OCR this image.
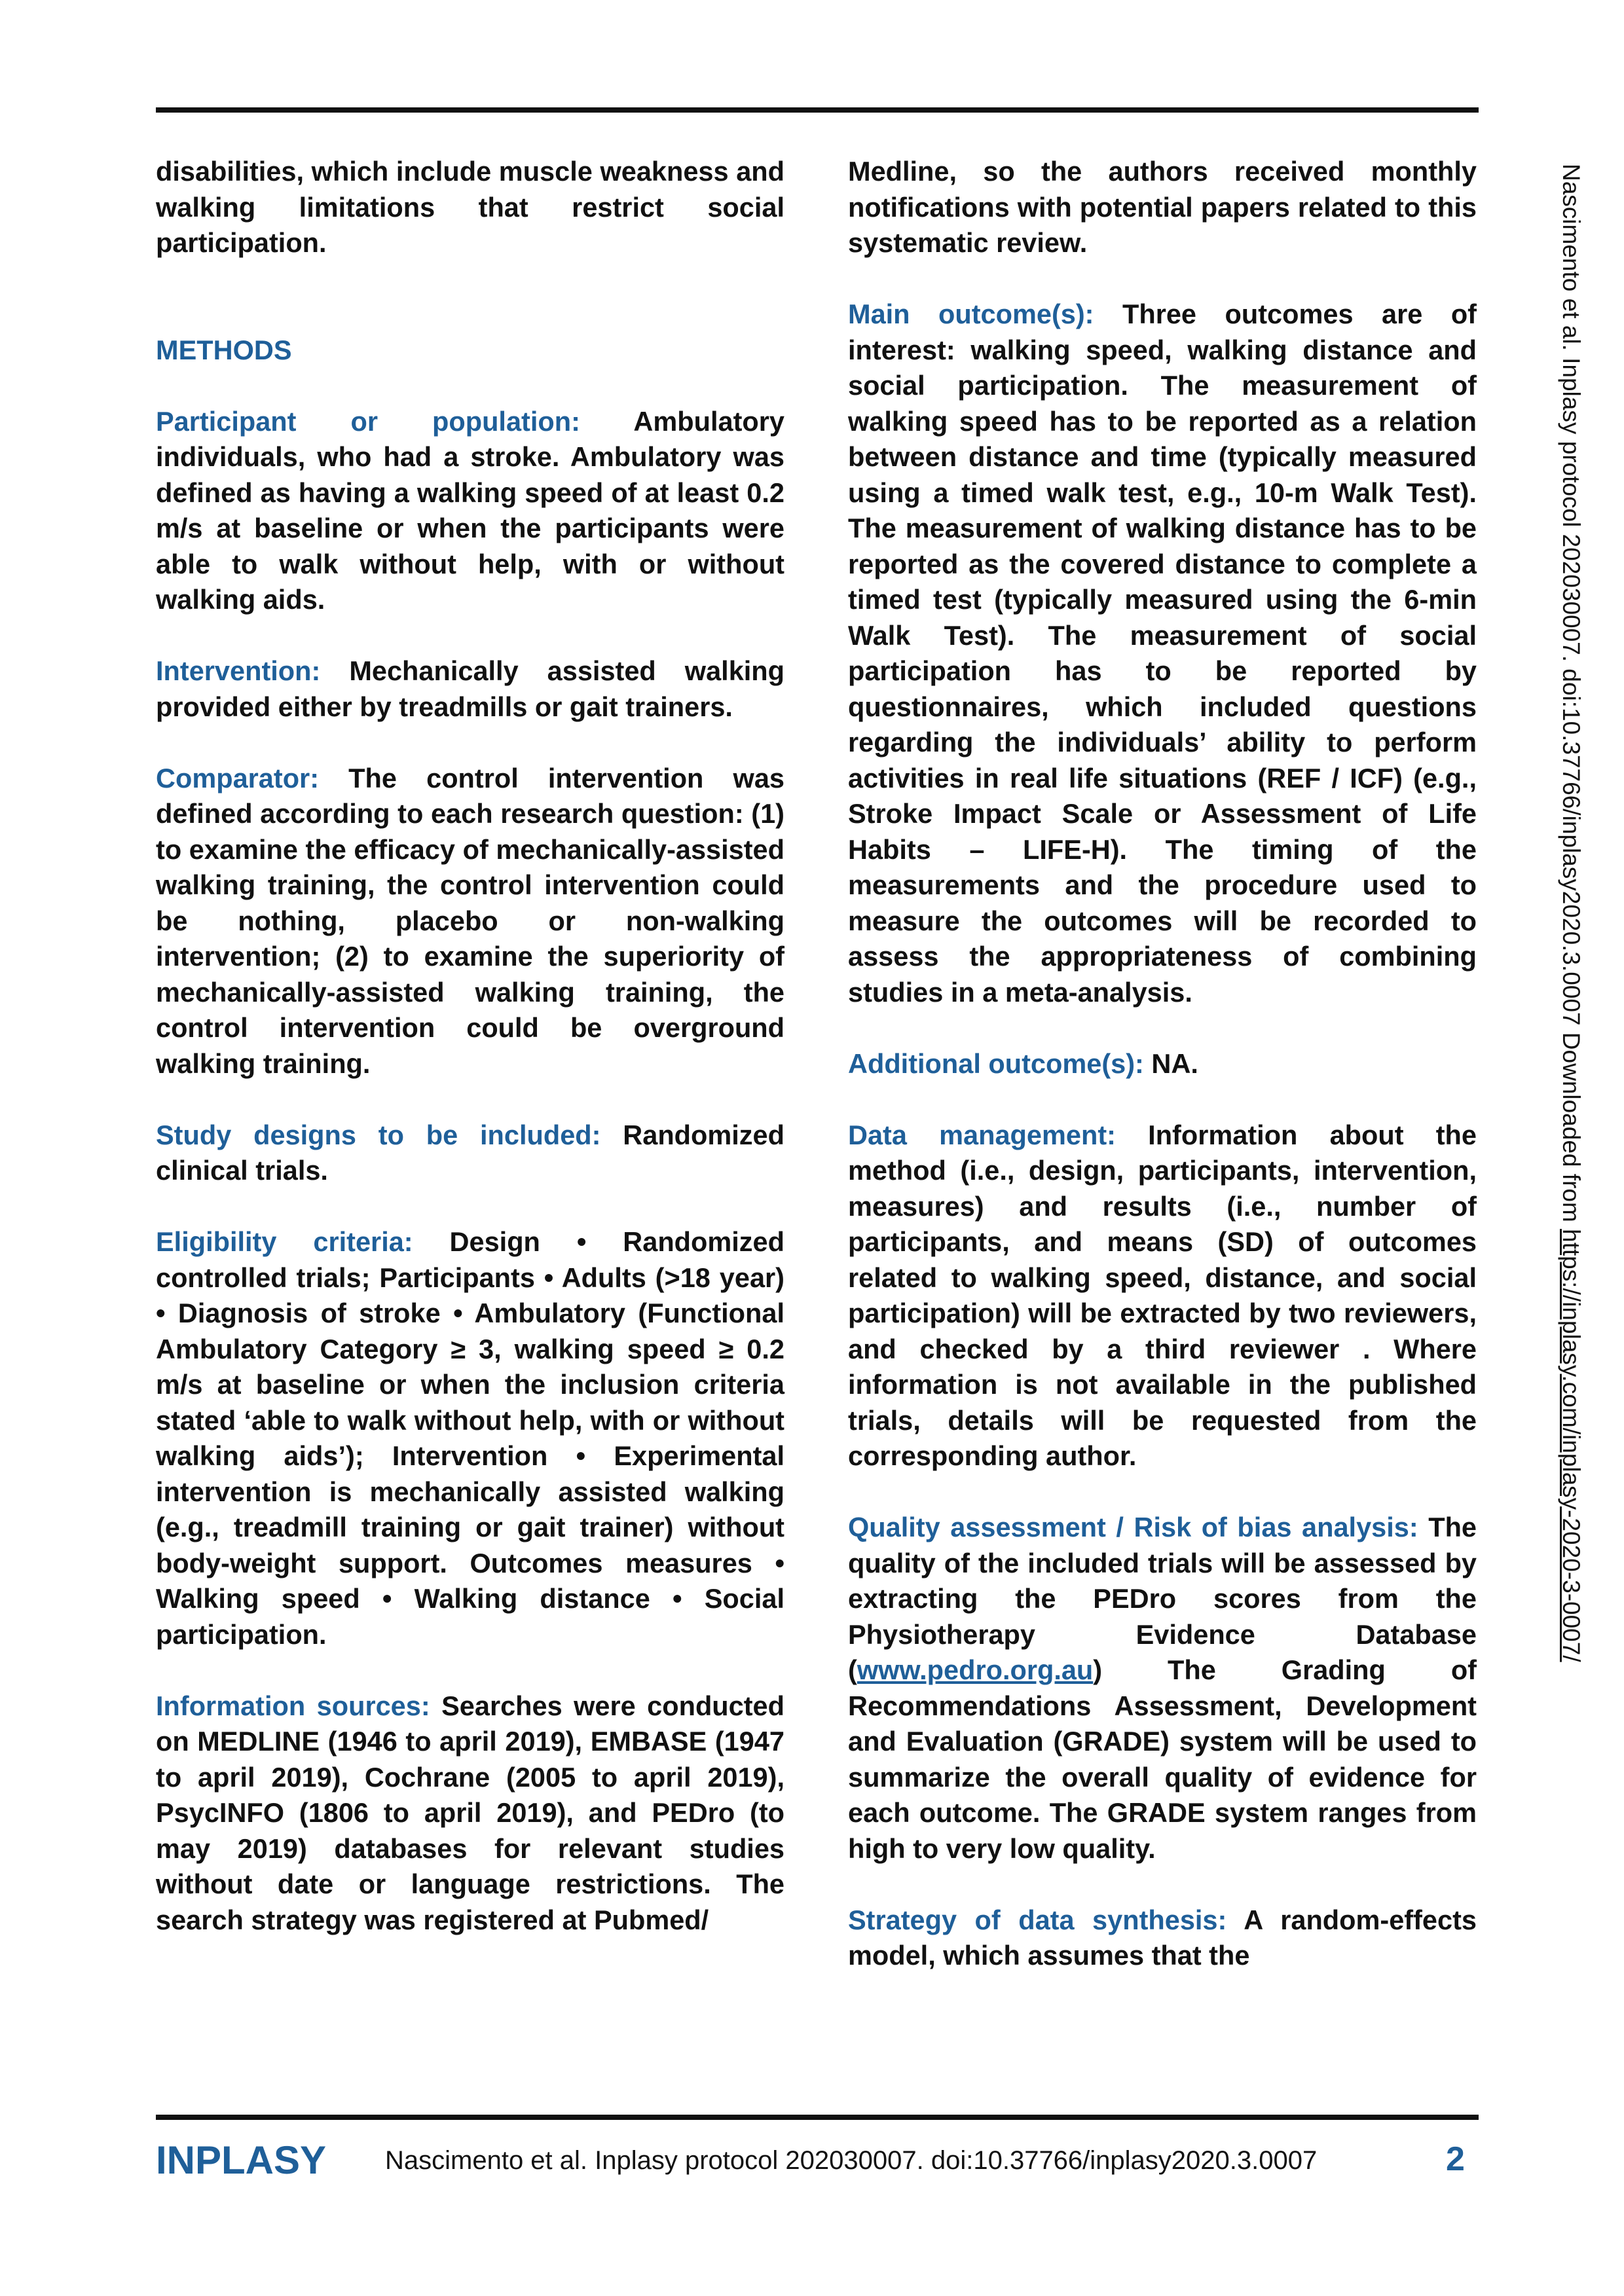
disabilities, which include muscle weakness and walking limitations that restrict social participation.

METHODS

Participant or population: Ambulatory individuals, who had a stroke. Ambulatory was defined as having a walking speed of at least 0.2 m/s at baseline or when the participants were able to walk without help, with or without walking aids.

Intervention: Mechanically assisted walking provided either by treadmills or gait trainers.

Comparator: The control intervention was defined according to each research question: (1) to examine the efficacy of mechanically-assisted walking training, the control intervention could be nothing, placebo or non-walking intervention; (2) to examine the superiority of mechanically-assisted walking training, the control intervention could be overground walking training.

Study designs to be included: Randomized clinical trials.

Eligibility criteria: Design • Randomized controlled trials; Participants • Adults (>18 year) • Diagnosis of stroke • Ambulatory (Functional Ambulatory Category ≥ 3, walking speed ≥ 0.2 m/s at baseline or when the inclusion criteria stated ‘able to walk without help, with or without walking aids’); Intervention • Experimental intervention is mechanically assisted walking (e.g., treadmill training or gait trainer) without body-weight support. Outcomes measures • Walking speed • Walking distance • Social participation.

Information sources: Searches were conducted on MEDLINE (1946 to april 2019), EMBASE (1947 to april 2019), Cochrane (2005 to april 2019), PsycINFO (1806 to april 2019), and PEDro (to may 2019) databases for relevant studies without date or language restrictions. The search strategy was registered at Pubmed/

Medline, so the authors received monthly notifications with potential papers related to this systematic review.

Main outcome(s): Three outcomes are of interest: walking speed, walking distance and social participation. The measurement of walking speed has to be reported as a relation between distance and time (typically measured using a timed walk test, e.g., 10-m Walk Test). The measurement of walking distance has to be reported as the covered distance to complete a timed test (typically measured using the 6-min Walk Test). The measurement of social participation has to be reported by questionnaires, which included questions regarding the individuals’ ability to perform activities in real life situations (REF / ICF) (e.g., Stroke Impact Scale or Assessment of Life Habits – LIFE-H). The timing of the measurements and the procedure used to measure the outcomes will be recorded to assess the appropriateness of combining studies in a meta-analysis.

Additional outcome(s): NA.

Data management: Information about the method (i.e., design, participants, intervention, measures) and results (i.e., number of participants, and means (SD) of outcomes related to walking speed, distance, and social participation) will be extracted by two reviewers, and checked by a third reviewer . Where information is not available in the published trials, details will be requested from the corresponding author.

Quality assessment / Risk of bias analysis: The quality of the included trials will be assessed by extracting the PEDro scores from the Physiotherapy Evidence Database (www.pedro.org.au) The Grading of Recommendations Assessment, Development and Evaluation (GRADE) system will be used to summarize the overall quality of evidence for each outcome. The GRADE system ranges from high to very low quality.

Strategy of data synthesis: A random-effects model, which assumes that the

Nascimento et al. Inplasy protocol 202030007. doi:10.37766/inplasy2020.3.0007 Downloaded from https://inplasy.com/inplasy-2020-3-0007/
INPLASY Nascimento et al. Inplasy protocol 202030007. doi:10.37766/inplasy2020.3.0007	2
